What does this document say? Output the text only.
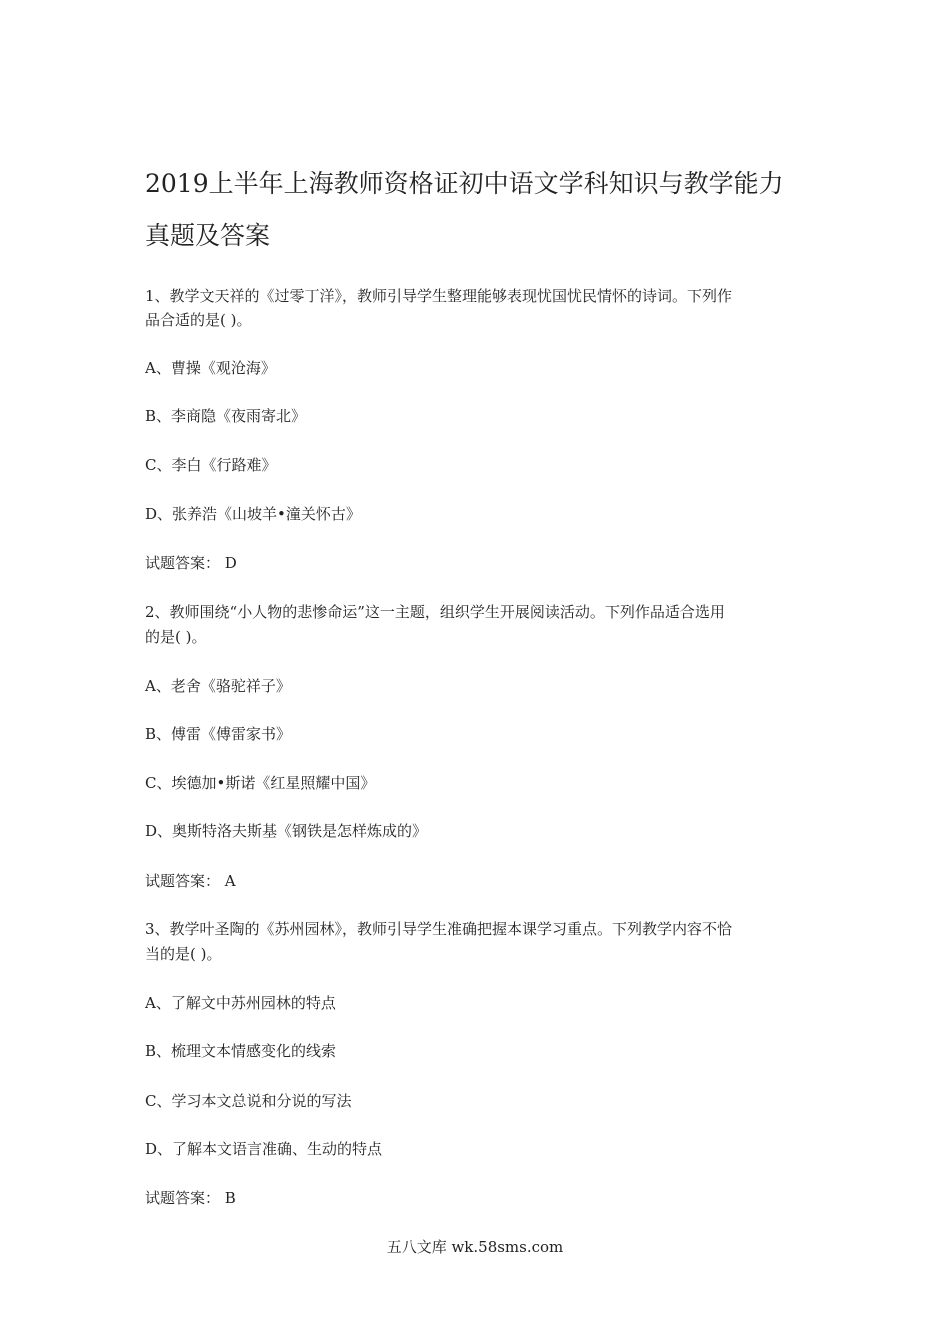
2019上半年上海教师资格证初中语文学科知识与教学能力
真题及答案
1、教学文天祥的《过零丁洋》，教师引导学生整理能够表现忧国忧民情怀的诗词。下列作
品合适的是( )。
A、曹操《观沧海》
B、李商隐《夜雨寄北》
C、李白《行路难》
D、张养浩《山坡羊•潼关怀古》
试题答案： D
2、教师围绕“小人物的悲惨命运”这一主题，组织学生开展阅读活动。下列作品适合选用
的是( )。
A、老舍《骆驼祥子》
B、傅雷《傅雷家书》
C、埃德加•斯诺《红星照耀中国》
D、奥斯特洛夫斯基《钢铁是怎样炼成的》
试题答案： A
3、教学叶圣陶的《苏州园林》，教师引导学生准确把握本课学习重点。下列教学内容不恰
当的是( )。
A、了解文中苏州园林的特点
B、梳理文本情感变化的线索
C、学习本文总说和分说的写法
D、了解本文语言准确、生动的特点
试题答案： B
五八文库 wk.58sms.com
